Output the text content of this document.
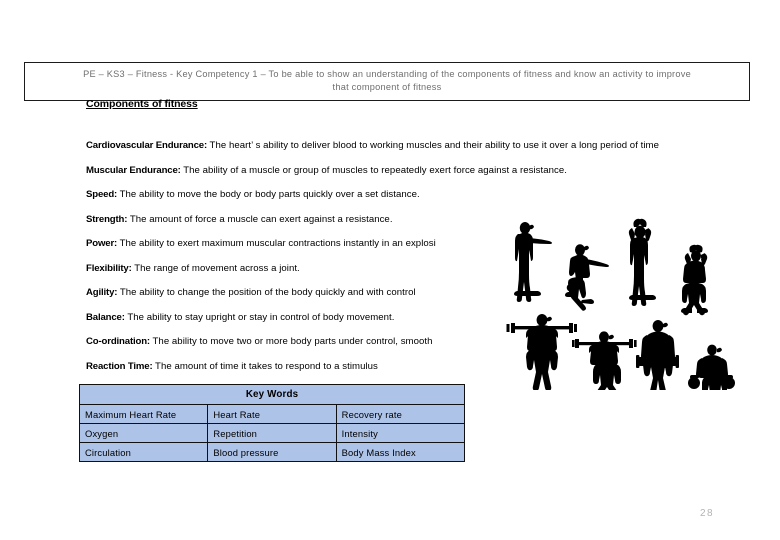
PE – KS3 – Fitness - Key Competency 1 – To be able to show an understanding of the components of fitness and know an activity to improve
that component of fitness
Components of fitness
Cardiovascular Endurance: The heart’ s ability to deliver blood to working muscles and their ability to use it over a long period of time
Muscular Endurance: The ability of a muscle or group of muscles to repeatedly exert force against a resistance.
Speed: The ability to move the body or body parts quickly over a set distance.
Strength: The amount of force a muscle can exert against a resistance.
Power: The ability to exert maximum muscular contractions instantly in an explosi
Flexibility: The range of movement across a joint.
Agility: The ability to change the position of the body quickly and with control
Balance: The ability to stay upright or stay in control of body movement.
Co-ordination: The ability to move two or more body parts under control, smooth
Reaction Time: The amount of time it takes to respond to a stimulus
Key Words		
Maximum Heart Rate	Heart Rate	Recovery rate
Oxygen	Repetition	Intensity
Circulation	Blood pressure	Body Mass Index
28
